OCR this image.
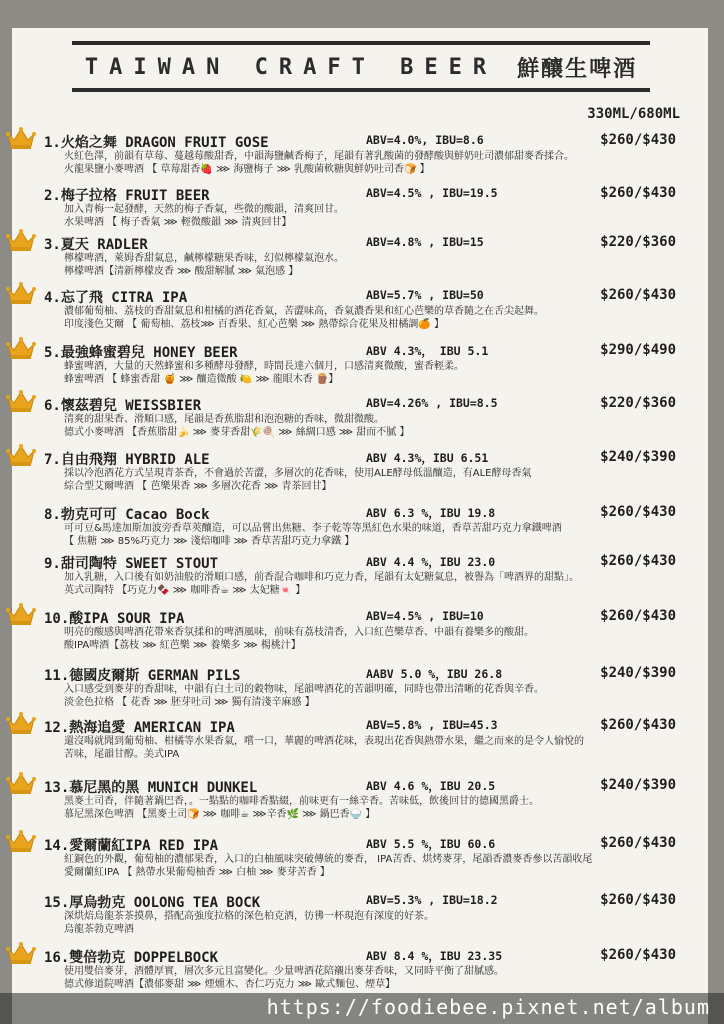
TAIWAN CRAFT BEER 鮮釀生啤酒
330ML/680ML
1.火焰之舞 DRAGON FRUIT GOSE	ABV=4.0%, IBU=8.6	$260/$430
火紅色澤，前韻有草莓、蔓越莓酸甜香，中韻海鹽鹹香梅子，尾韻有著乳酸菌的發酵酸與鮮奶吐司濃郁甜麥香揉合。
火龍果鹽小麥啤酒 【 草莓甜香🍓 ⋙ 海鹽梅子 ⋙ 乳酸菌軟糖與鮮奶吐司香🍞 】
2.梅子拉格 FRUIT BEER	ABV=4.5% , IBU=19.5	$260/$430
加入青梅一起發酵，天然的梅子香氣，些微的酸韻，清爽回甘。
水果啤酒 【 梅子香氣 ⋙ 輕微酸韻 ⋙ 清爽回甘】
3.夏天 RADLER	ABV=4.8% , IBU=15	$220/$360
檸檬啤酒，萊姆香甜氣息，鹹檸檬糖果香味，幻似檸檬氣泡水。
檸檬啤酒【清新檸檬皮香 ⋙ 酸甜解膩 ⋙ 氣泡感 】
4.忘了飛 CITRA IPA	ABV=5.7% , IBU=50	$260/$430
濃郁葡萄柚、荔枝的香甜氣息和柑橘的酒花香氣，苦澀味高，香氣濃香果和紅心芭樂的草香隨之在舌尖起舞。
印度淺色艾爾 【 葡萄柚、荔枝⋙ 百香果、紅心芭樂 ⋙ 熱帶綜合花果及柑橘調🍊 】
5.最強蜂蜜碧兒 HONEY BEER	ABV 4.3%， IBU 5.1	$290/$490
蜂蜜啤酒，大量的天然蜂蜜和多種酵母發酵，時間長達六個月，口感清爽微酸，蜜香輕柔。
蜂蜜啤酒 【 蜂蜜香甜 🍯 ⋙ 釀造微酸 🍋 ⋙ 龍眼木香 🪵】
6.懷茲碧兒 WEISSBIER	ABV=4.26% , IBU=8.5	$220/$360
清爽的甜果香、滑順口感，尾韻是香蕉脂甜和泡泡糖的香味，微甜微酸。
德式小麥啤酒 【香蕉脂甜🍌 ⋙ 麥芽香甜🌾🍭 ⋙ 絲綢口感 ⋙ 甜而不膩 】
7.自由飛翔 HYBRID ALE	ABV 4.3%，IBU 6.51	$240/$390
採以冷泡酒花方式呈現青茶香，不會過於苦澀，多層次的花香味，使用ALE酵母低溫釀造，有ALE酵母香氣
綜合型艾爾啤酒 【 芭樂果香 ⋙ 多層次花香 ⋙ 青茶回甘】
8.勃克可可 Cacao Bock	ABV 6.3 %，IBU 19.8	$260/$430
可可豆&馬達加斯加波旁香草莢釀造，可以品嘗出焦糖、李子乾等等黑紅色水果的味道，香草苦甜巧克力拿鐵啤酒
【 焦糖 ⋙ 85%巧克力 ⋙ 淺焙咖啡 ⋙ 香草苦甜巧克力拿鐵 】
9.甜司陶特 SWEET STOUT	ABV 4.4 %，IBU 23.0	$260/$430
加入乳糖，入口後有如奶油般的滑順口感，前香混合咖啡和巧克力香，尾韻有太妃糖氣息，被譽為「啤酒界的甜點」。
英式司陶特 【巧克力🍫 ⋙ 咖啡香☕ ⋙ 太妃糖🍬 】
10.酸IPA SOUR IPA	ABV=4.5% , IBU=10	$260/$430
明亮的酸感與啤酒花帶來香氛揉和的啤酒風味，前味有荔枝清香，入口紅芭樂草香、中韻有養樂多的酸甜。
酸IPA啤酒【荔枝 ⋙ 紅芭樂 ⋙ 養樂多 ⋙ 楊桃汁】
11.德國皮爾斯 GERMAN PILS	AABV 5.0 %，IBU 26.8	$240/$390
入口感受到麥芽的香甜味，中韻有白土司的穀物味，尾韻啤酒花的苦韻明確，同時也帶出清晰的花香與辛香。
淡金色拉格 【 花香 ⋙ 胚芽吐司 ⋙ 獨有清淺辛麻感 】
12.熱海追愛 AMERICAN IPA	ABV=5.8% , IBU=45.3	$260/$430
還沒喝就聞到葡萄柚、柑橘等水果香氣，嚐一口，華麗的啤酒花味，表現出花香與熱帶水果，繼之而來的是令人愉悅的
苦味，尾韻甘醇。美式IPA
13.慕尼黑的黑 MUNICH DUNKEL	ABV 4.6 %，IBU 20.5	$240/$390
黑麥土司香，伴隨著鍋巴香，。一點點的咖啡香點綴，前味更有一絲辛香。苦味低，飲後回甘的德國黑爵士。
慕尼黑深色啤酒 【黑麥土司🍞 ⋙ 咖啡☕ ⋙辛香🌿 ⋙ 鍋巴香🍚 】
14.愛爾蘭紅IPA RED IPA	ABV 5.5 %，IBU 60.6	$260/$430
紅銅色的外觀，葡萄柚的濃郁果香，入口的白柚風味突破傳統的麥香， IPA苦香、烘烤麥芽，尾韻香濃麥香參以苦韻收尾
愛爾蘭紅IPA 【 熱帶水果葡萄柚香 ⋙ 白柚 ⋙ 麥芽苦香 】
15.厚烏勃克 OOLONG TEA BOCK	ABV=5.3% , IBU=18.2	$260/$430
深烘焙烏龍茶茶摸鼻，搭配高強度拉格的深色柏克酒，彷彿一杯現泡有深度的好茶。
烏龍茶勃克啤酒
16.雙倍勃克 DOPPELBOCK	ABV 8.4 %，IBU 23.35	$260/$430
使用雙倍麥芽，酒體厚實，層次多元且富變化。少量啤酒花陪襯出麥芽香味，又同時平衡了甜膩感。
德式修道院啤酒【濃郁麥甜 ⋙ 煙燻木、杏仁巧克力 ⋙ 歐式麵包、煙草】
https://foodiebee.pixnet.net/album
